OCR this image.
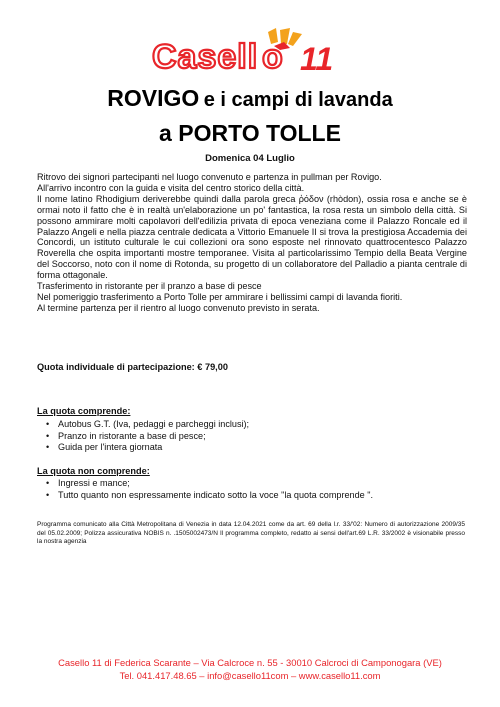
Casell o 11
ROVIGO e i campi di lavanda
a PORTO TOLLE
Domenica 04 Luglio

Ritrovo dei signori partecipanti nel luogo convenuto e partenza in pullman per Rovigo.

All'arrivo incontro con la guida e visita del centro storico della città.

Il nome latino Rhodigium deriverebbe quindi dalla parola greca ῥόδον (rhòdon), ossia rosa e anche se è ormai noto il fatto che è in realtà un'elaborazione un po' fantastica, la rosa resta un simbolo della città. Si possono ammirare molti capolavori dell'edilizia privata di epoca veneziana come il Palazzo Roncale ed il Palazzo Angeli e nella piazza centrale dedicata a Vittorio Emanuele II si trova la prestigiosa Accademia dei Concordi, un istituto culturale le cui collezioni ora sono esposte nel rinnovato quattrocentesco Palazzo Roverella che ospita importanti mostre temporanee. Visita al particolarissimo Tempio della Beata Vergine del Soccorso, noto con il nome di Rotonda, su progetto di un collaboratore del Palladio a pianta centrale di forma ottagonale.

Trasferimento in ristorante per il pranzo a base di pesce

Nel pomeriggio trasferimento a Porto Tolle per ammirare i bellissimi campi di lavanda fioriti.

Al termine partenza per il rientro al luogo convenuto previsto in serata.

Quota individuale di partecipazione: € 79,00
La quota comprende:
• Autobus G.T. (Iva, pedaggi e parcheggi inclusi);
• Pranzo in ristorante a base di pesce;
• Guida per l'intera giornata
La quota non comprende:
• Ingressi e mance;
• Tutto quanto non espressamente indicato sotto la voce "la quota comprende ".
Programma comunicato alla Città Metropolitana di Venezia in data 12.04.2021 come da art. 69 della l.r. 33/'02: Numero di autorizzazione 2009/35 del 05.02.2009; Polizza assicurativa NOBIS n. .1505002473/N Il programma completo, redatto ai sensi dell'art.69 L.R. 33/2002 è visionabile presso la nostra agenzia
Casello 11 di Federica Scarante – Via Calcroce n. 55 - 30010 Calcroci di Camponogara (VE)
Tel. 041.417.48.65 – info@casello11com – www.casello11.com
